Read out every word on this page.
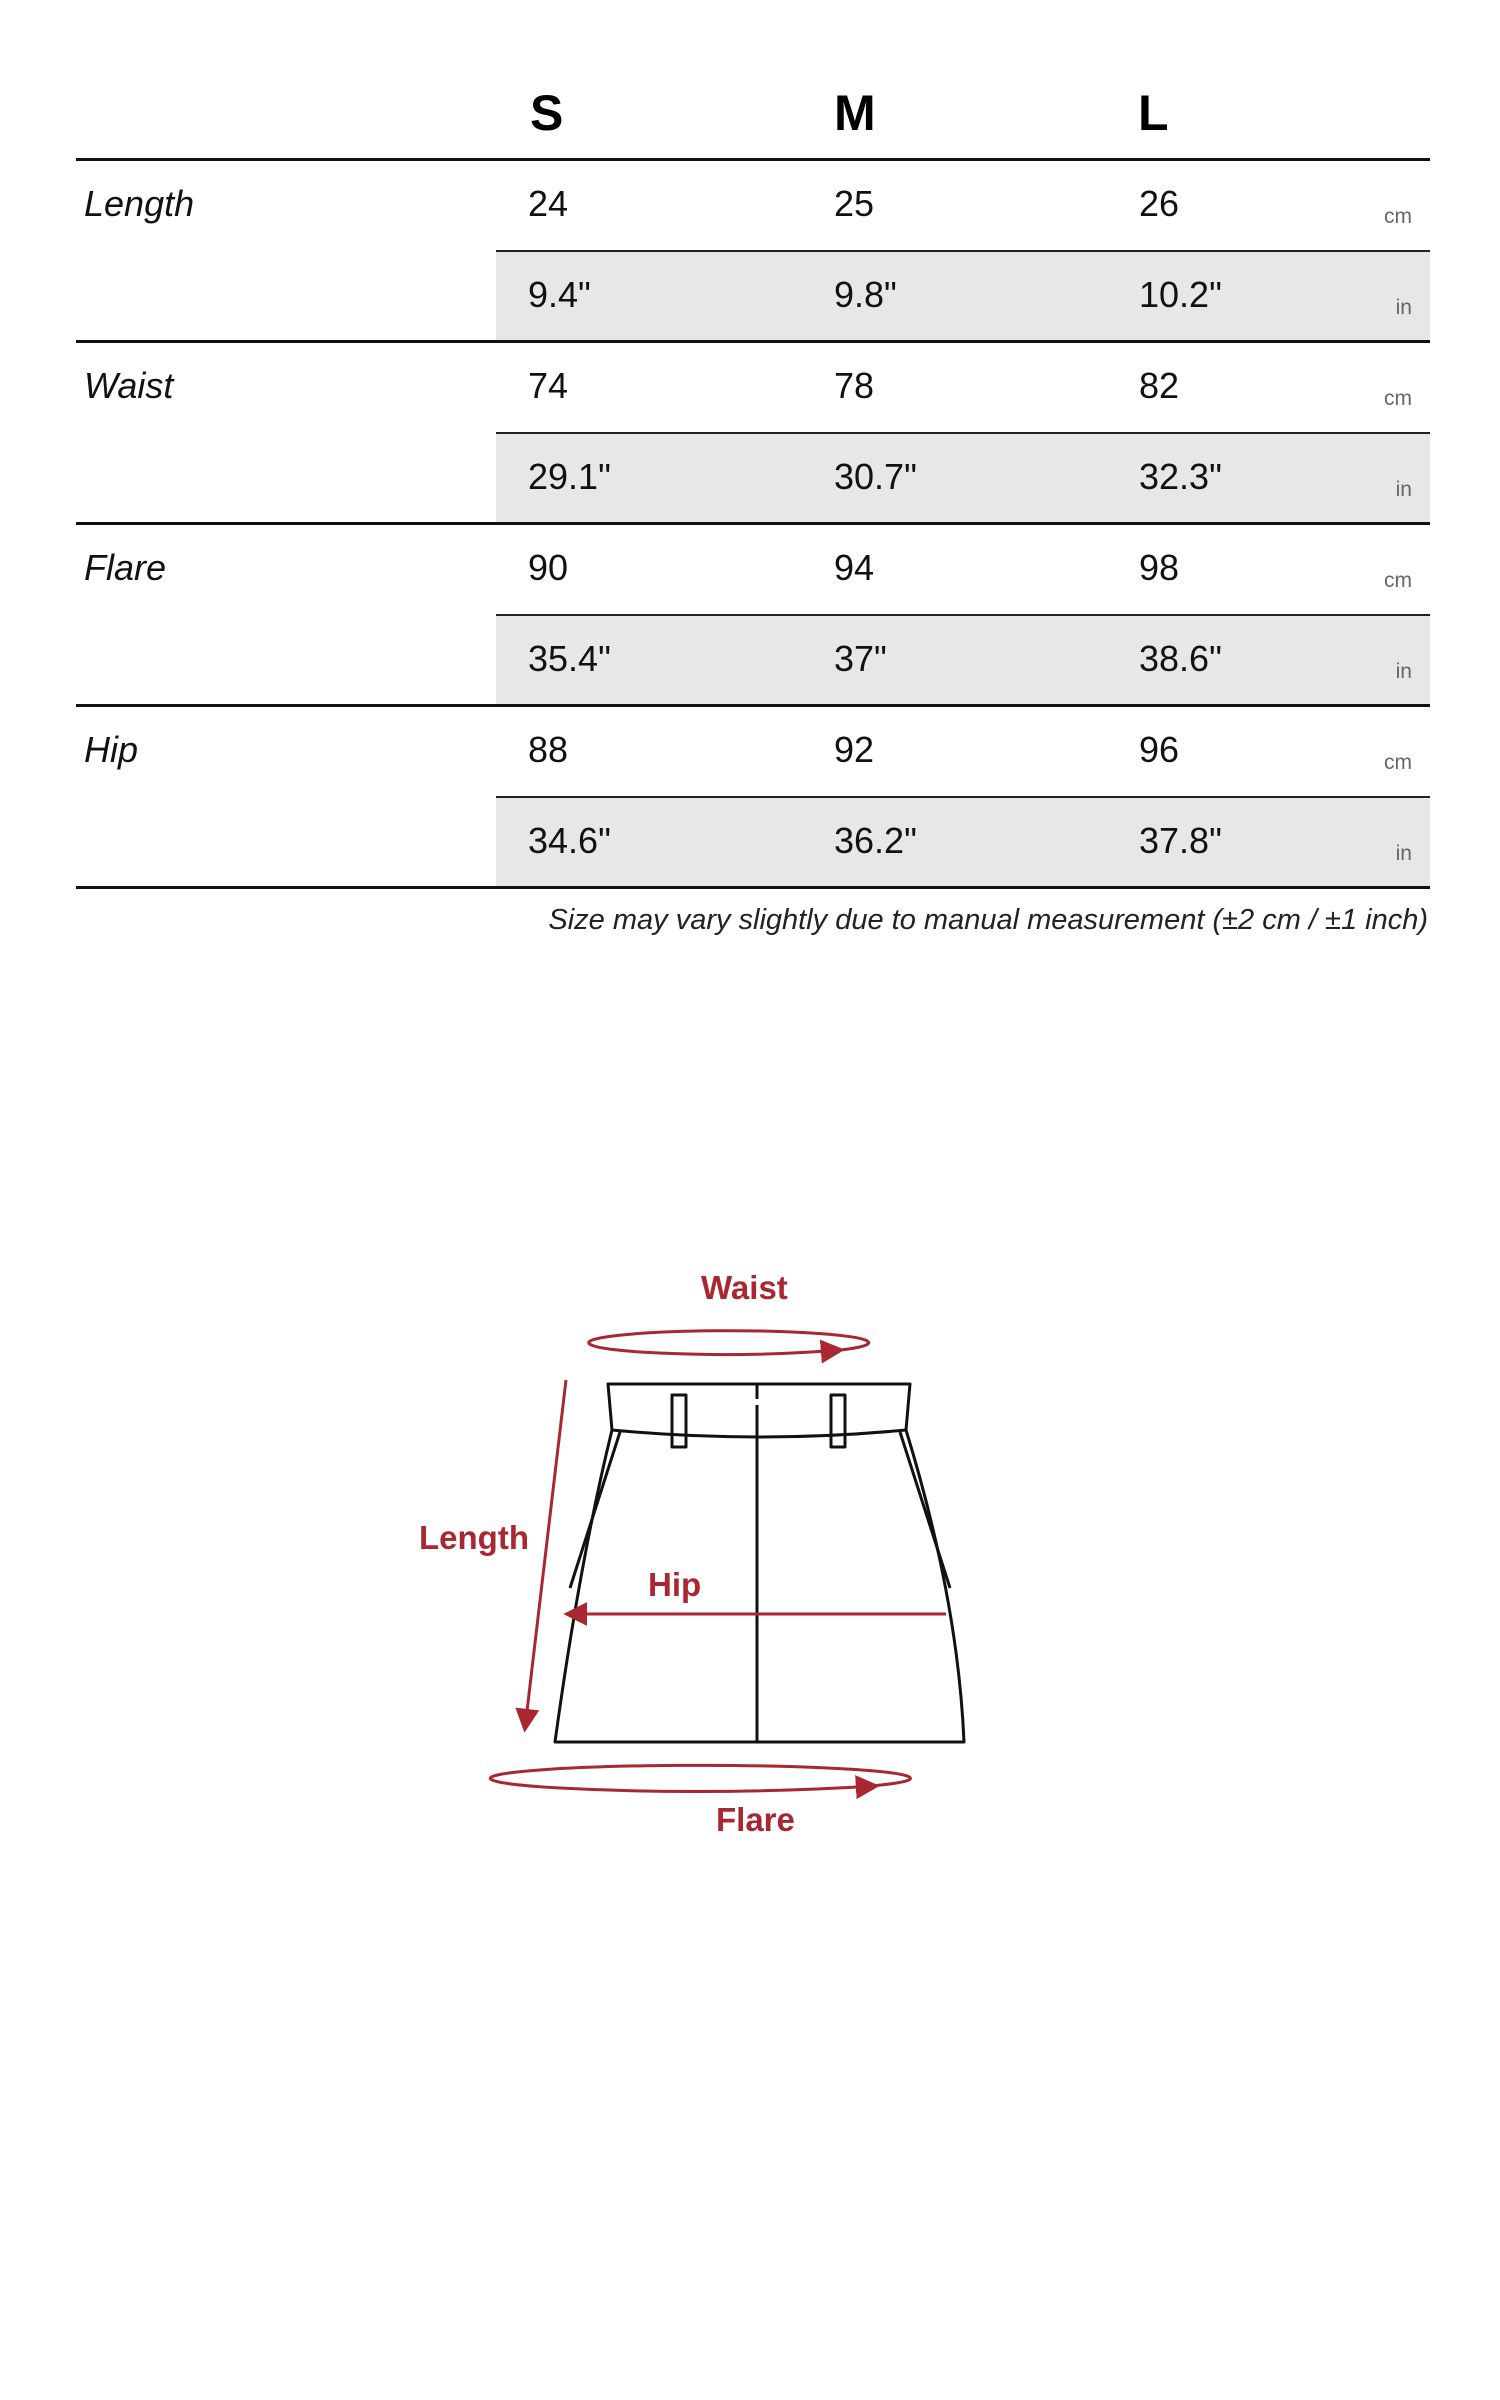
S	M	L
Length	24	25	26	cm
9.4"	9.8"	10.2"	in
Waist	74	78	82	cm
29.1"	30.7"	32.3"	in
Flare	90	94	98	cm
35.4"	37"	38.6"	in
Hip	88	92	96	cm
34.6"	36.2"	37.8"	in
Size may vary slightly due to manual measurement (±2 cm / ±1 inch)
Waist
Length
Hip
Flare
